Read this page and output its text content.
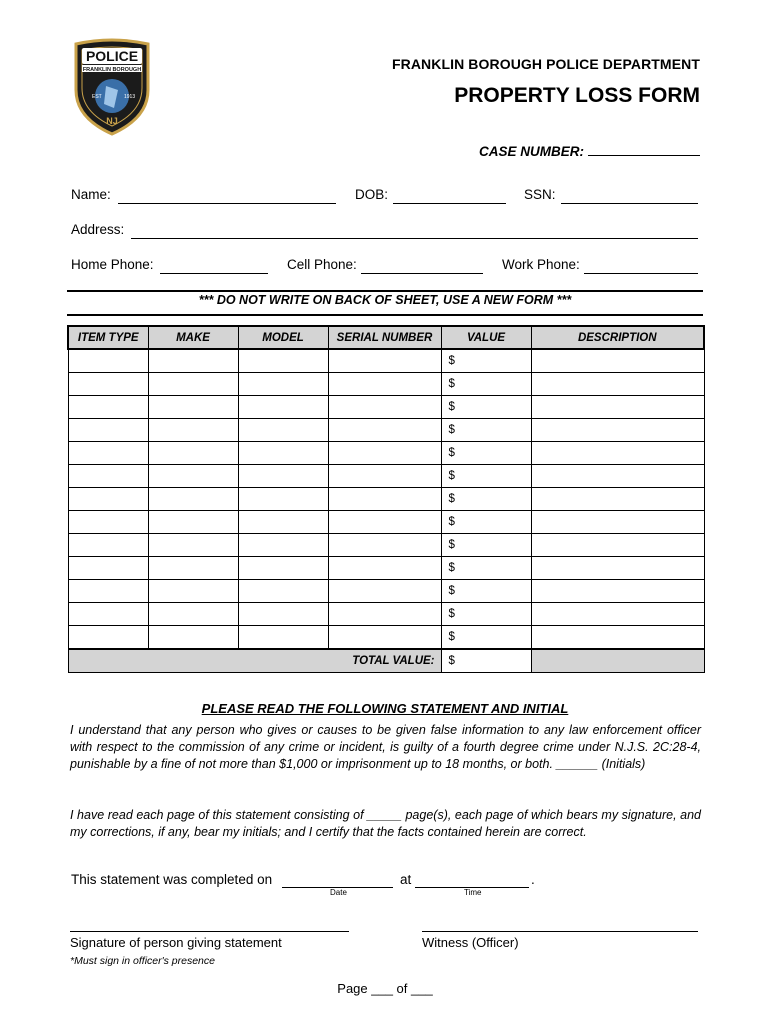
POLICE
FRANKLIN BOROUGH
EST	1913
NJ
FRANKLIN BOROUGH POLICE DEPARTMENT
PROPERTY LOSS FORM
CASE NUMBER:
Name:	DOB:	SSN:
Address:
Home Phone:	Cell Phone:	Work Phone:
*** DO NOT WRITE ON BACK OF SHEET, USE A NEW FORM ***
ITEM TYPE	MAKE	MODEL	SERIAL NUMBER	VALUE	DESCRIPTION
				$	
				$	
				$	
				$	
				$	
				$	
				$	
				$	
				$	
				$	
				$	
				$	
				$	
TOTAL VALUE:				$	
PLEASE READ THE FOLLOWING STATEMENT AND INITIAL
I understand that any person who gives or causes to be given false information to any law enforcement officer with respect to the commission of any crime or incident, is guilty of a fourth degree crime under N.J.S. 2C:28-4, punishable by a fine of not more than $1,000 or imprisonment up to 18 months, or both. ______ (Initials)
I have read each page of this statement consisting of _____ page(s), each page of which bears my signature, and my corrections, if any, bear my initials; and I certify that the facts contained herein are correct.
This statement was completed on
Date
at	.
Time
Signature of person giving statement	Witness (Officer)
*Must sign in officer's presence
Page ___ of ___
